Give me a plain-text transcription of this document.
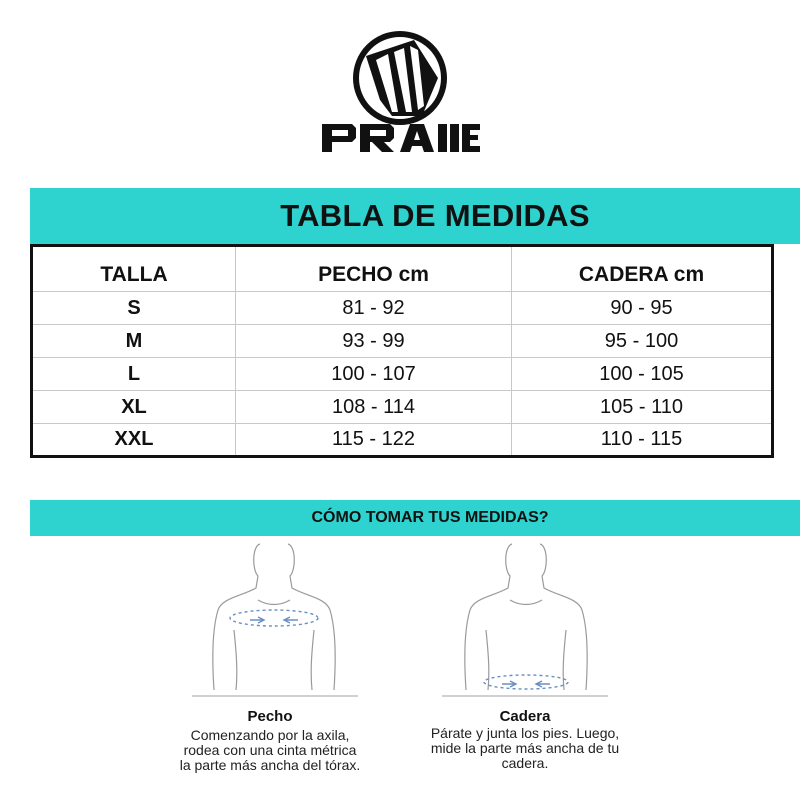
TABLA DE MEDIDAS
TALLA	PECHO cm	CADERA cm
S	81 - 92	90 - 95
M	93 - 99	95 - 100
L	100 - 107	100 - 105
XL	108 - 114	105 - 110
XXL	115 - 122	110 - 115
CÓMO TOMAR TUS MEDIDAS?
Pecho
Comenzando por la axila,
rodea con una cinta métrica
la parte más ancha del tórax.
Cadera
Párate y junta los pies. Luego,
mide la parte más ancha de tu
cadera.
